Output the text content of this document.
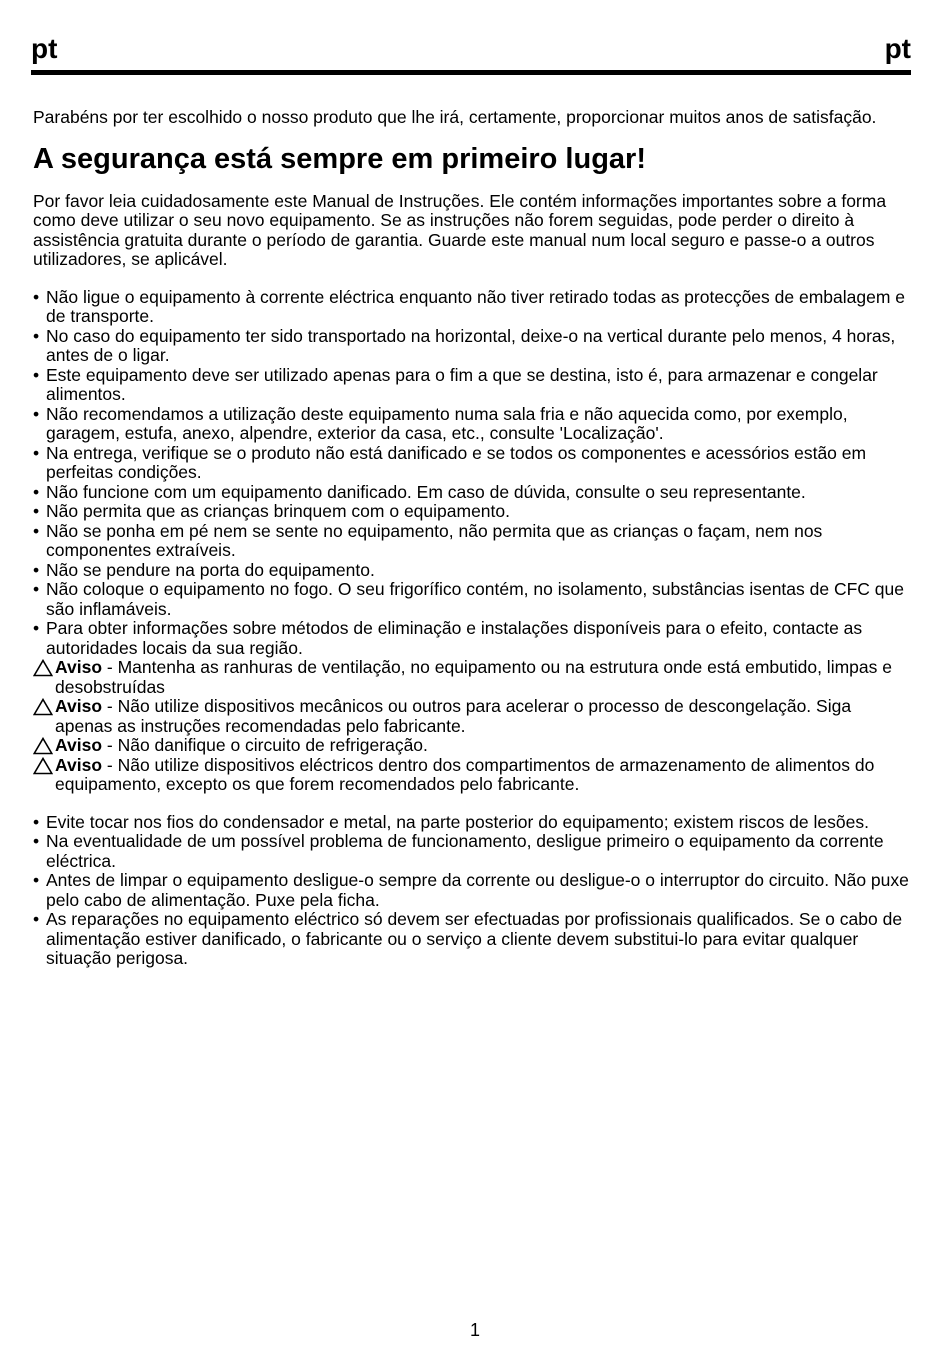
pt	pt

Parabéns por ter escolhido o nosso produto que lhe irá, certamente, proporcionar muitos anos de satisfação.

A segurança está sempre em primeiro lugar!

Por favor leia cuidadosamente este Manual de Instruções. Ele contém informações importantes sobre a forma como deve utilizar o seu novo equipamento. Se as instruções não forem seguidas, pode perder o direito à assistência gratuita durante o período de garantia. Guarde este manual num local seguro e passe-o a outros utilizadores, se aplicável.

• Não ligue o equipamento à corrente eléctrica enquanto não tiver retirado todas as protecções de embalagem e de transporte.
• No caso do equipamento ter sido transportado na horizontal, deixe-o na vertical durante pelo menos, 4 horas, antes de o ligar.
• Este equipamento deve ser utilizado apenas para o fim a que se destina, isto é, para armazenar e congelar alimentos.
• Não recomendamos a utilização deste equipamento numa sala fria e não aquecida como, por exemplo, garagem, estufa, anexo, alpendre, exterior da casa, etc., consulte 'Localização'.
• Na entrega, verifique se o produto não está danificado e se todos os componentes e acessórios estão em perfeitas condições.
• Não funcione com um equipamento danificado. Em caso de dúvida, consulte o seu representante.
• Não permita que as crianças brinquem com o equipamento.
• Não se ponha em pé nem se sente no equipamento, não permita que as crianças o façam, nem nos componentes extraíveis.
• Não se pendure na porta do equipamento.
• Não coloque o equipamento no fogo. O seu frigorífico contém, no isolamento, substâncias isentas de CFC que são inflamáveis.
• Para obter informações sobre métodos de eliminação e instalações disponíveis para o efeito, contacte as autoridades locais da sua região.

Aviso - Mantenha as ranhuras de ventilação, no equipamento ou na estrutura onde está embutido, limpas e desobstruídas

Aviso - Não utilize dispositivos mecânicos ou outros para acelerar o processo de descongelação. Siga apenas as instruções recomendadas pelo fabricante.

Aviso - Não danifique o circuito de refrigeração.

Aviso - Não utilize dispositivos eléctricos dentro dos compartimentos de armazenamento de alimentos do equipamento, excepto os que forem recomendados pelo fabricante.

• Evite tocar nos fios do condensador e metal, na parte posterior do equipamento; existem riscos de lesões.
• Na eventualidade de um possível problema de funcionamento, desligue primeiro o equipamento da corrente eléctrica.
• Antes de limpar o equipamento desligue-o sempre da corrente ou desligue-o o interruptor do circuito. Não puxe pelo cabo de alimentação. Puxe pela ficha.
• As reparações no equipamento eléctrico só devem ser efectuadas por profissionais qualificados. Se o cabo de alimentação estiver danificado, o fabricante ou o serviço a cliente devem substitui-lo para evitar qualquer situação perigosa.
1
